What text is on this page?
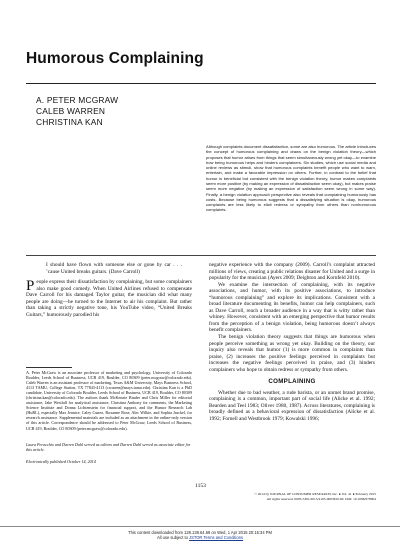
Humorous Complaining
A. PETER MCGRAW
CALEB WARREN
CHRISTINA KAN

Although complaints document dissatisfaction, some are also humorous. The article introduces the concept of humorous complaining and draws on the benign violation theory—which proposes that humor arises from things that seem simultaneously wrong yet okay—to examine how being humorous helps and hinders complainers. Six studies, which use social media and online reviews as stimuli, show that humorous complaints benefit people who want to warn, entertain, and make a favorable impression on others. Further, in contrast to the belief that humor is beneficial but consistent with the benign violation theory, humor makes complaints seem more positive (by making an expression of dissatisfaction seem okay), but makes praise seem more negative (by making an expression of satisfaction seem wrong in some way). Finally, a benign violation approach perspective also reveals that complaining humorously has costs. Because being humorous suggests that a dissatisfying situation is okay, humorous complaints are less likely to elicit redress or sympathy from others than nonhumorous complaints.

I should have flown with someone else or gone by car . . . ’cause United breaks guitars. (Dave Carroll)

People express their dissatisfaction by complaining, but some complainers also make good comedy. When United Airlines refused to compensate Dave Carroll for his damaged Taylor guitar, the musician did what many people are doing—he turned to the Internet to air his complaint. But rather than taking a strictly negative tone, his YouTube video, “United Breaks Guitars,” humorously parodied his

A. Peter McGraw is an associate professor of marketing and psychology, University of Colorado Boulder, Leeds School of Business, UCB 419, Boulder, CO 80309 (peter.mcgraw@colorado.edu). Caleb Warren is an assistant professor of marketing, Texas A&M University, Mays Business School, 4113 TAMU, College Station, TX 77843-4113 (cwarren@mays.tamu.edu). Christina Kan is a PhD candidate, University of Colorado Boulder, Leeds School of Business, UCB 419, Boulder, CO 80309 (christina.kan@colorado.edu). The authors thank McKenzie Binder and Chris Miller for editorial assistance, Jake Westfall for analytical assistance, Christina Anthony for comments, the Marketing Science Institute and Donna Lichtenstein for financial support, and the Humor Research Lab (HuRL), especially Max Jeanice, Caley Cuneo, Roxanne Rose, Alec Wilkie, and Sophia Jasckel, for research assistance. Supplemental materials are included as an attachment in the online-only version of this article. Correspondence should be addressed to Peter McGraw, Leeds School of Business, UCB 419, Boulder, CO 80309 (peter.mcgraw@colorado.edu).

Laura Peracchio and Darren Dahl served as editors and Darren Dahl served as associate editor for this article.

Electronically published October 14, 2014

negative experience with the company (2009). Carroll’s complaint attracted millions of views, creating a public relations disaster for United and a surge in popularity for the musician (Ayers 2009; Deighton and Kornfeld 2010).

We examine the intersection of complaining, with its negative associations, and humor, with its positive associations, to introduce “humorous complaining” and explore its implications. Consistent with a broad literature documenting its benefits, humor can help complainers, such as Dave Carroll, reach a broader audience in a way that is witty rather than whiney. However, consistent with an emerging perspective that humor results from the perception of a benign violation, being humorous doesn’t always benefit complainers.

The benign violation theory suggests that things are humorous when people perceive something as wrong yet okay. Building on the theory, our inquiry also reveals that humor (1) is more common in complaints than praise, (2) increases the positive feelings perceived in complaints but increases the negative feelings perceived in praise, and (3) hinders complainers who hope to obtain redress or sympathy from others.

COMPLAINING

Whether due to bad weather, a rude barista, or an unmet brand promise, complaining is a common, important part of social life (Alicke et al. 1992; Bearden and Teel 1983; Oliver 1980, 1987). Across literatures, complaining is broadly defined as a behavioral expression of dissatisfaction (Alicke et al. 1992; Fornell and Westbrook 1979; Kowalski 1996;

1153

© 2014 by JOURNAL OF CONSUMER RESEARCH, Inc. ● Vol. 41 ● February 2015
All rights reserved. 0093-5301/2015/4105-0003$10.00. DOI: 10.1086/678904

This content downloaded from 128.138.64.69 on Wed, 1 Apr 2015 20:15:34 PM
All use subject to JSTOR Terms and Conditions
